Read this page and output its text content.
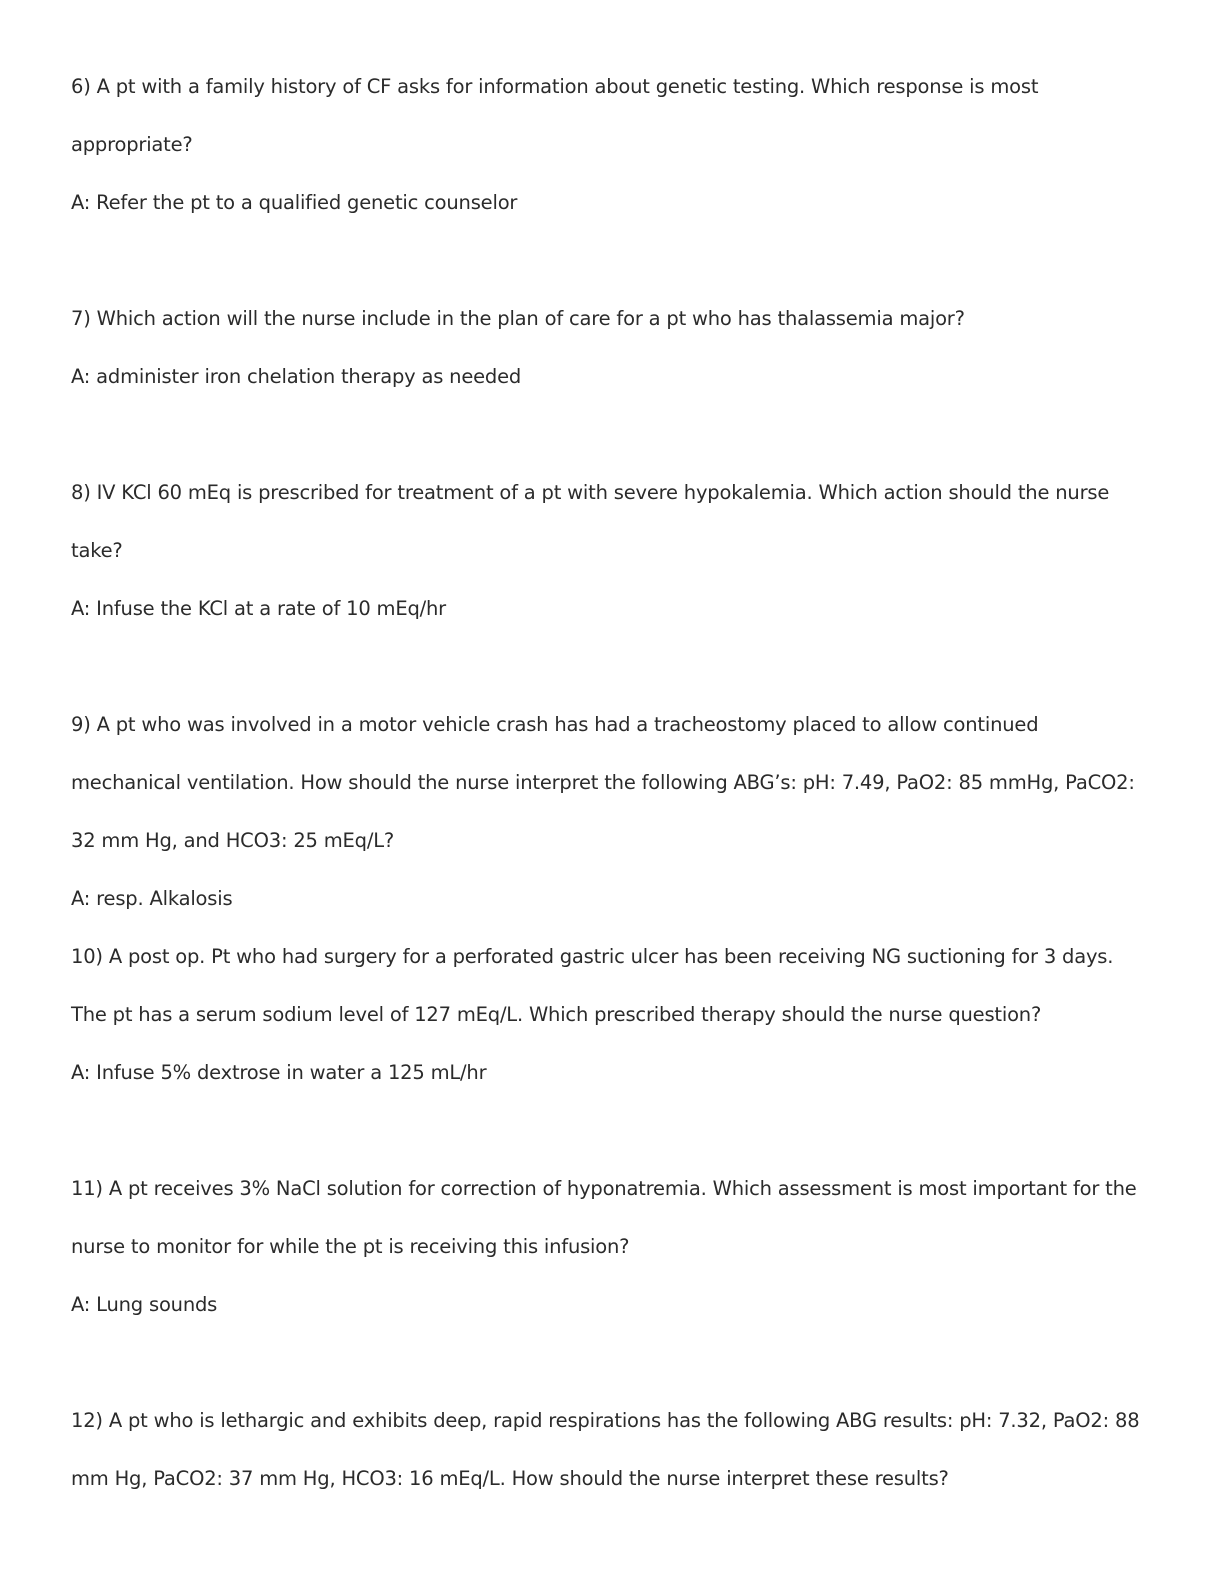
6) A pt with a family history of CF asks for information about genetic testing. Which response is most

appropriate?

A: Refer the pt to a qualified genetic counselor

7) Which action will the nurse include in the plan of care for a pt who has thalassemia major?

A: administer iron chelation therapy as needed

8) IV KCl 60 mEq is prescribed for treatment of a pt with severe hypokalemia. Which action should the nurse

take?

A: Infuse the KCl at a rate of 10 mEq/hr

9) A pt who was involved in a motor vehicle crash has had a tracheostomy placed to allow continued

mechanical ventilation. How should the nurse interpret the following ABG’s: pH: 7.49, PaO2: 85 mmHg, PaCO2:

32 mm Hg, and HCO3: 25 mEq/L?

A: resp. Alkalosis

10) A post op. Pt who had surgery for a perforated gastric ulcer has been receiving NG suctioning for 3 days.

The pt has a serum sodium level of 127 mEq/L. Which prescribed therapy should the nurse question?

A: Infuse 5% dextrose in water a 125 mL/hr

11) A pt receives 3% NaCl solution for correction of hyponatremia. Which assessment is most important for the

nurse to monitor for while the pt is receiving this infusion?

A: Lung sounds

12) A pt who is lethargic and exhibits deep, rapid respirations has the following ABG results: pH: 7.32, PaO2: 88

mm Hg, PaCO2: 37 mm Hg, HCO3: 16 mEq/L. How should the nurse interpret these results?
